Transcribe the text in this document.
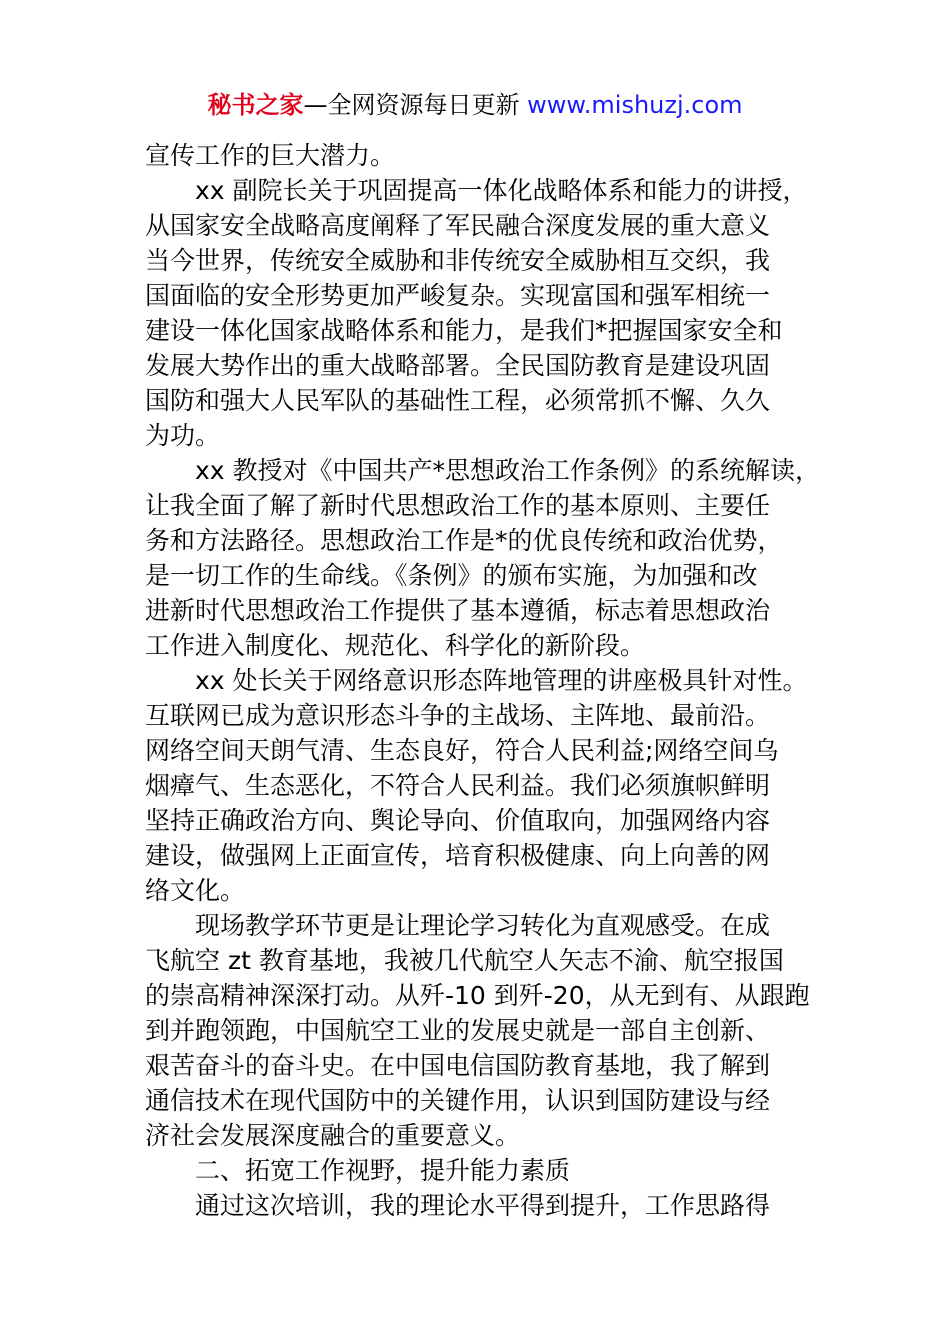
秘书之家—全网资源每日更新 www.mishuzj.com
宣传工作的巨大潜力。
xx 副院长关于巩固提高一体化战略体系和能力的讲授，
从国家安全战略高度阐释了军民融合深度发展的重大意义
当今世界，传统安全威胁和非传统安全威胁相互交织，我
国面临的安全形势更加严峻复杂。实现富国和强军相统一
建设一体化国家战略体系和能力，是我们*把握国家安全和
发展大势作出的重大战略部署。全民国防教育是建设巩固
国防和强大人民军队的基础性工程，必须常抓不懈、久久
为功。
xx 教授对《中国共产*思想政治工作条例》的系统解读，
让我全面了解了新时代思想政治工作的基本原则、主要任
务和方法路径。思想政治工作是*的优良传统和政治优势，
是一切工作的生命线。《条例》的颁布实施，为加强和改
进新时代思想政治工作提供了基本遵循，标志着思想政治
工作进入制度化、规范化、科学化的新阶段。
xx 处长关于网络意识形态阵地管理的讲座极具针对性。
互联网已成为意识形态斗争的主战场、主阵地、最前沿。
网络空间天朗气清、生态良好，符合人民利益;网络空间乌
烟瘴气、生态恶化，不符合人民利益。我们必须旗帜鲜明
坚持正确政治方向、舆论导向、价值取向，加强网络内容
建设，做强网上正面宣传，培育积极健康、向上向善的网
络文化。
现场教学环节更是让理论学习转化为直观感受。在成
飞航空 zt 教育基地，我被几代航空人矢志不渝、航空报国
的崇高精神深深打动。从歼-10 到歼-20，从无到有、从跟跑
到并跑领跑，中国航空工业的发展史就是一部自主创新、
艰苦奋斗的奋斗史。在中国电信国防教育基地，我了解到
通信技术在现代国防中的关键作用，认识到国防建设与经
济社会发展深度融合的重要意义。
二、拓宽工作视野，提升能力素质
通过这次培训，我的理论水平得到提升，工作思路得
